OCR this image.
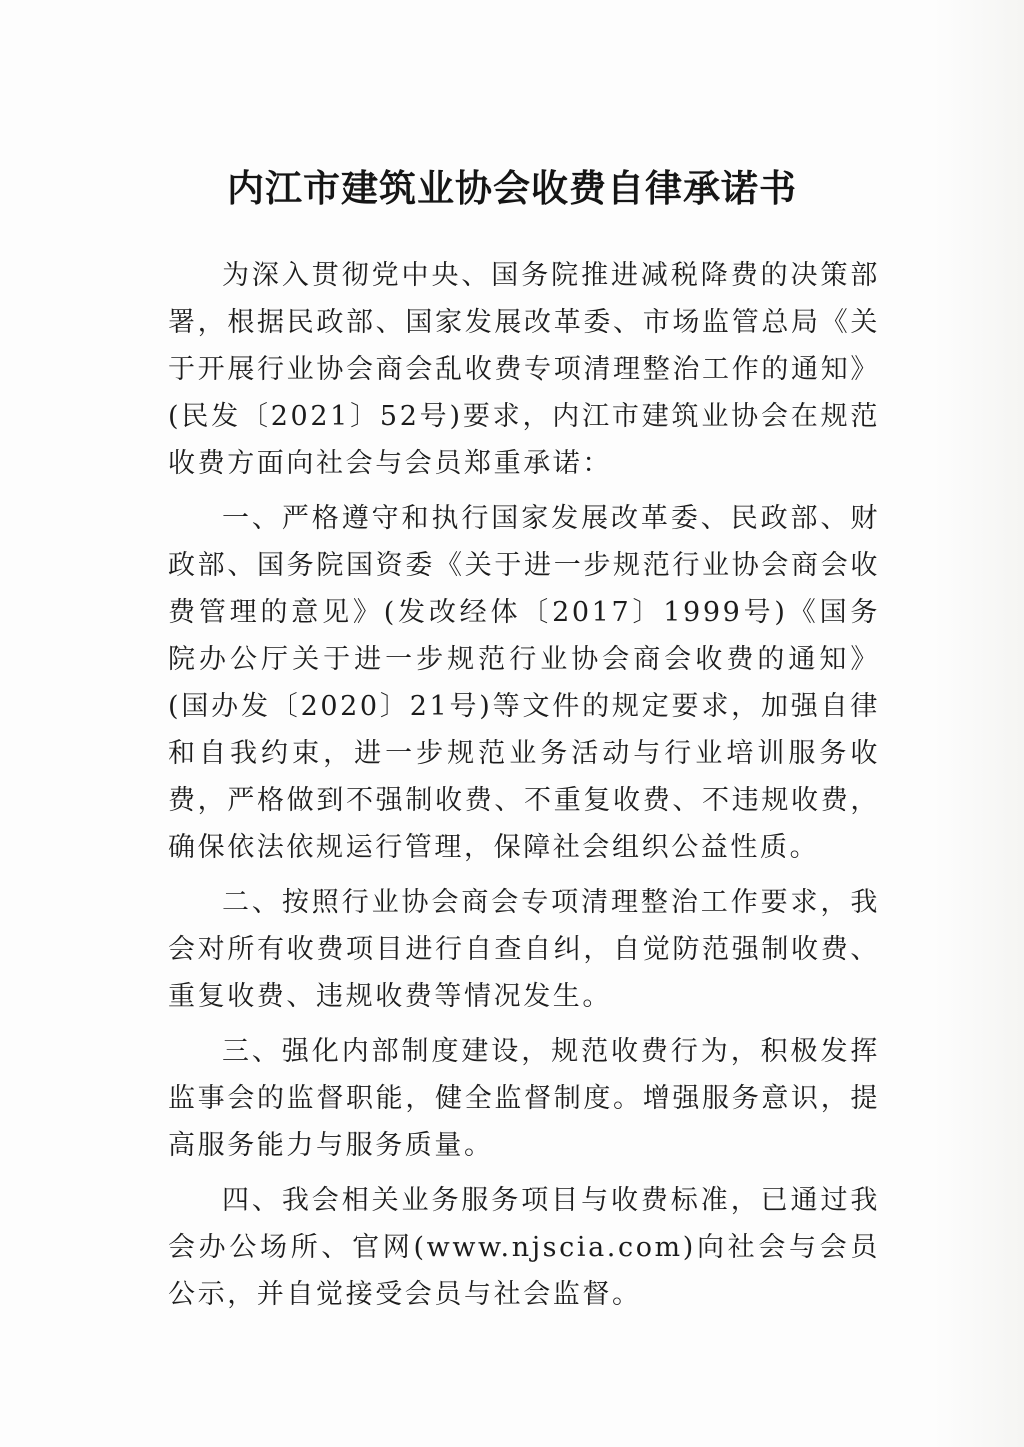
内江市建筑业协会收费自律承诺书

为深入贯彻党中央、国务院推进减税降费的决策部署，根据民政部、国家发展改革委、市场监管总局《关于开展行业协会商会乱收费专项清理整治工作的通知》(民发〔2021〕52号)要求，内江市建筑业协会在规范收费方面向社会与会员郑重承诺：

一、严格遵守和执行国家发展改革委、民政部、财政部、国务院国资委《关于进一步规范行业协会商会收费管理的意见》(发改经体〔2017〕1999号)《国务院办公厅关于进一步规范行业协会商会收费的通知》(国办发〔2020〕21号)等文件的规定要求，加强自律和自我约束，进一步规范业务活动与行业培训服务收费，严格做到不强制收费、不重复收费、不违规收费，确保依法依规运行管理，保障社会组织公益性质。

二、按照行业协会商会专项清理整治工作要求，我会对所有收费项目进行自查自纠，自觉防范强制收费、重复收费、违规收费等情况发生。

三、强化内部制度建设，规范收费行为，积极发挥监事会的监督职能，健全监督制度。增强服务意识，提高服务能力与服务质量。

四、我会相关业务服务项目与收费标准，已通过我会办公场所、官网(www.njscia.com)向社会与会员公示，并自觉接受会员与社会监督。
